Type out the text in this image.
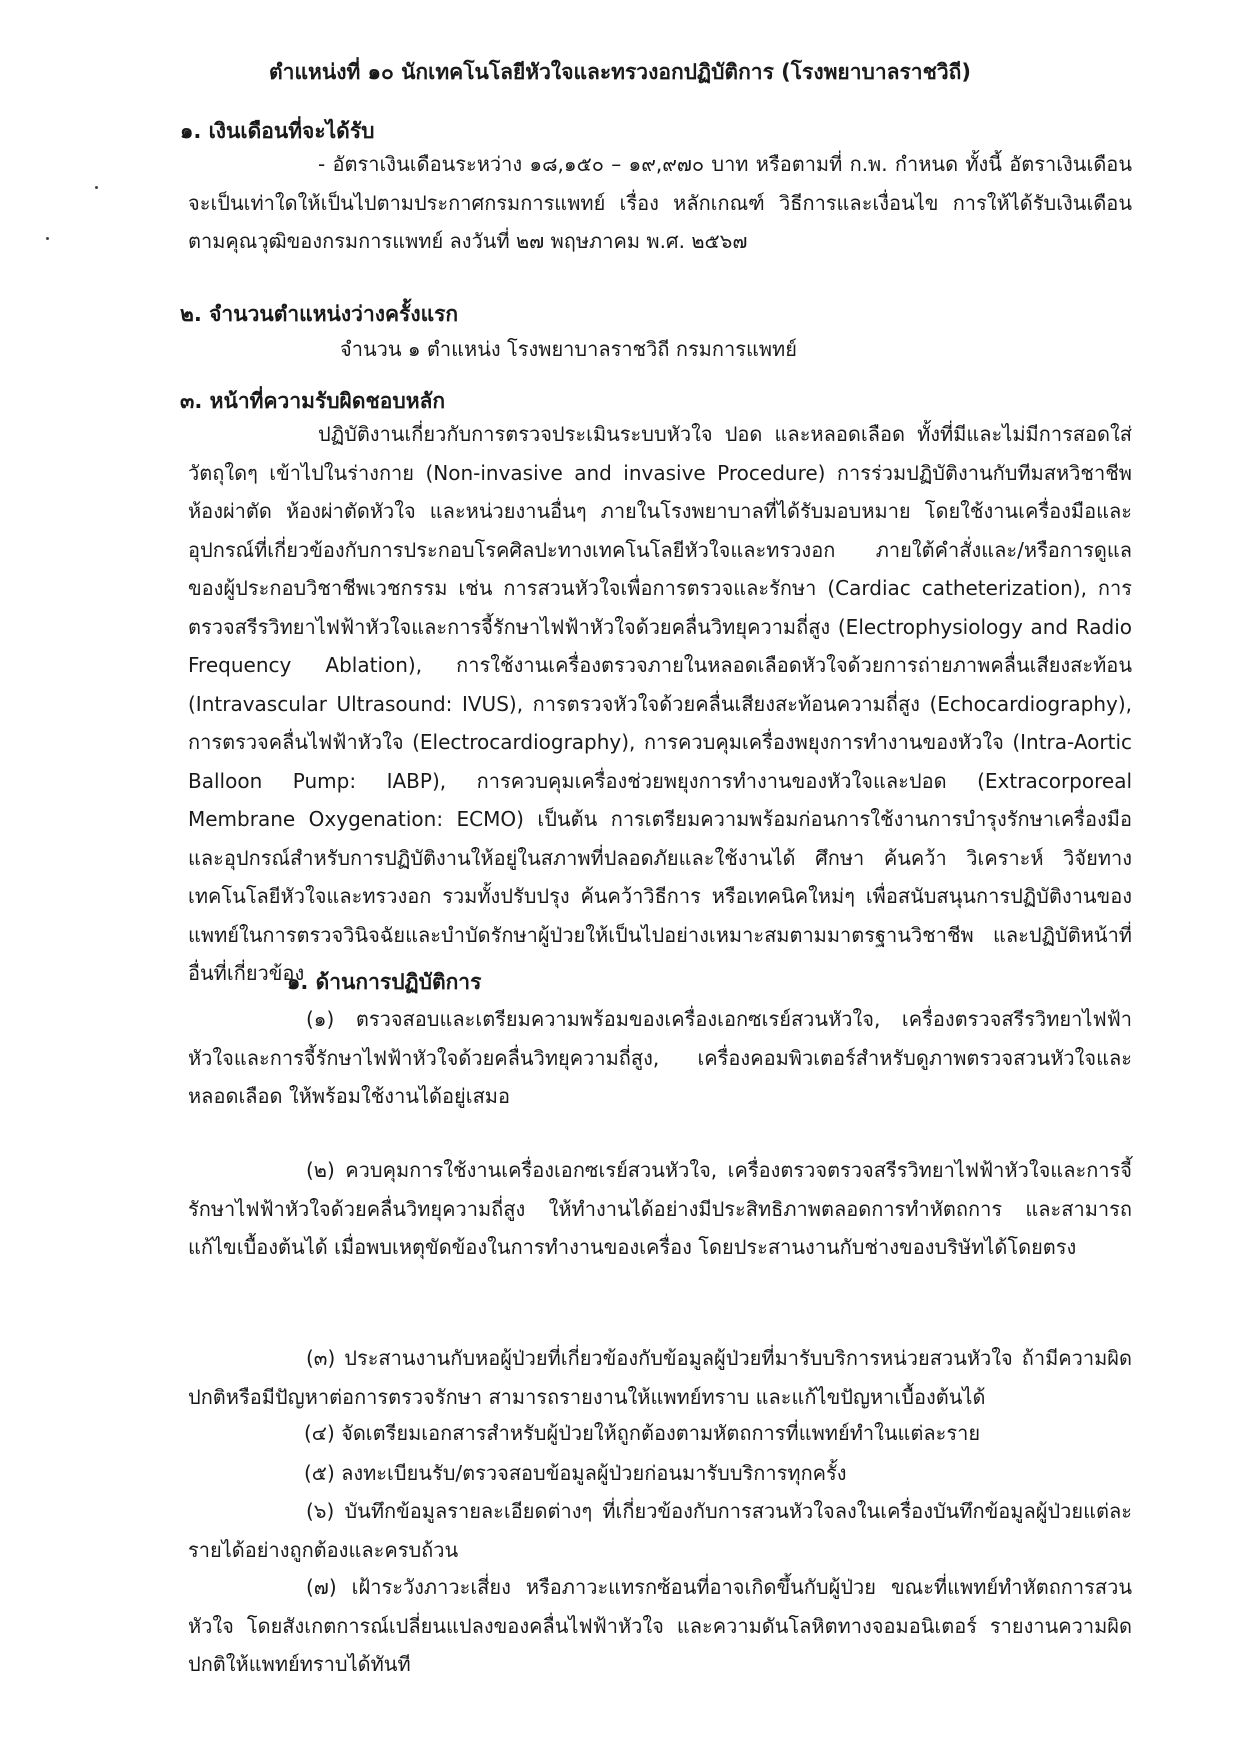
ตำแหน่งที่ ๑๐ นักเทคโนโลยีหัวใจและทรวงอกปฏิบัติการ (โรงพยาบาลราชวิถี)
๑. เงินเดือนที่จะได้รับ
- อัตราเงินเดือนระหว่าง ๑๘,๑๕๐ – ๑๙,๙๗๐ บาท หรือตามที่ ก.พ. กำหนด ทั้งนี้ อัตราเงินเดือน จะเป็นเท่าใดให้เป็นไปตามประกาศกรมการแพทย์ เรื่อง หลักเกณฑ์ วิธีการและเงื่อนไข การให้ได้รับเงินเดือนตามคุณวุฒิของกรมการแพทย์ ลงวันที่ ๒๗ พฤษภาคม พ.ศ. ๒๕๖๗
๒. จำนวนตำแหน่งว่างครั้งแรก
จำนวน ๑ ตำแหน่ง โรงพยาบาลราชวิถี กรมการแพทย์
๓. หน้าที่ความรับผิดชอบหลัก
ปฏิบัติงานเกี่ยวกับการตรวจประเมินระบบหัวใจ ปอด และหลอดเลือด ทั้งที่มีและไม่มีการสอดใส่วัตถุใดๆ เข้าไปในร่างกาย (Non-invasive and invasive Procedure) การร่วมปฏิบัติงานกับทีมสหวิชาชีพห้องผ่าตัด ห้องผ่าตัดหัวใจ และหน่วยงานอื่นๆ ภายในโรงพยาบาลที่ได้รับมอบหมาย โดยใช้งานเครื่องมือและอุปกรณ์ที่เกี่ยวข้องกับการประกอบโรคศิลปะทางเทคโนโลยีหัวใจและทรวงอก ภายใต้คำสั่งและ/หรือการดูแลของผู้ประกอบวิชาชีพเวชกรรม เช่น การสวนหัวใจเพื่อการตรวจและรักษา (Cardiac catheterization), การตรวจสรีรวิทยาไฟฟ้าหัวใจและการจี้รักษาไฟฟ้าหัวใจด้วยคลื่นวิทยุความถี่สูง (Electrophysiology and Radio Frequency Ablation), การใช้งานเครื่องตรวจภายในหลอดเลือดหัวใจด้วยการถ่ายภาพคลื่นเสียงสะท้อน (Intravascular Ultrasound: IVUS), การตรวจหัวใจด้วยคลื่นเสียงสะท้อนความถี่สูง (Echocardiography), การตรวจคลื่นไฟฟ้าหัวใจ (Electrocardiography), การควบคุมเครื่องพยุงการทำงานของหัวใจ (Intra-Aortic Balloon Pump: IABP), การควบคุมเครื่องช่วยพยุงการทำงานของหัวใจและปอด (Extracorporeal Membrane Oxygenation: ECMO) เป็นต้น การเตรียมความพร้อมก่อนการใช้งานการบำรุงรักษาเครื่องมือและอุปกรณ์สำหรับการปฏิบัติงานให้อยู่ในสภาพที่ปลอดภัยและใช้งานได้ ศึกษา ค้นคว้า วิเคราะห์ วิจัยทางเทคโนโลยีหัวใจและทรวงอก รวมทั้งปรับปรุง ค้นคว้าวิธีการ หรือเทคนิคใหม่ๆ เพื่อสนับสนุนการปฏิบัติงานของแพทย์ในการตรวจวินิจฉัยและบำบัดรักษาผู้ป่วยให้เป็นไปอย่างเหมาะสมตามมาตรฐานวิชาชีพ และปฏิบัติหน้าที่อื่นที่เกี่ยวข้อง
๑. ด้านการปฏิบัติการ
(๑) ตรวจสอบและเตรียมความพร้อมของเครื่องเอกซเรย์สวนหัวใจ, เครื่องตรวจสรีรวิทยาไฟฟ้าหัวใจและการจี้รักษาไฟฟ้าหัวใจด้วยคลื่นวิทยุความถี่สูง, เครื่องคอมพิวเตอร์สำหรับดูภาพตรวจสวนหัวใจและหลอดเลือด ให้พร้อมใช้งานได้อยู่เสมอ
(๒) ควบคุมการใช้งานเครื่องเอกซเรย์สวนหัวใจ, เครื่องตรวจตรวจสรีรวิทยาไฟฟ้าหัวใจและการจี้รักษาไฟฟ้าหัวใจด้วยคลื่นวิทยุความถี่สูง ให้ทำงานได้อย่างมีประสิทธิภาพตลอดการทำหัตถการ และสามารถแก้ไขเบื้องต้นได้ เมื่อพบเหตุขัดข้องในการทำงานของเครื่อง โดยประสานงานกับช่างของบริษัทได้โดยตรง
(๓) ประสานงานกับหอผู้ป่วยที่เกี่ยวข้องกับข้อมูลผู้ป่วยที่มารับบริการหน่วยสวนหัวใจ ถ้ามีความผิดปกติหรือมีปัญหาต่อการตรวจรักษา สามารถรายงานให้แพทย์ทราบ และแก้ไขปัญหาเบื้องต้นได้
(๔) จัดเตรียมเอกสารสำหรับผู้ป่วยให้ถูกต้องตามหัตถการที่แพทย์ทำในแต่ละราย
(๕) ลงทะเบียนรับ/ตรวจสอบข้อมูลผู้ป่วยก่อนมารับบริการทุกครั้ง
(๖) บันทึกข้อมูลรายละเอียดต่างๆ ที่เกี่ยวข้องกับการสวนหัวใจลงในเครื่องบันทึกข้อมูลผู้ป่วยแต่ละรายได้อย่างถูกต้องและครบถ้วน
(๗) เฝ้าระวังภาวะเสี่ยง หรือภาวะแทรกซ้อนที่อาจเกิดขึ้นกับผู้ป่วย ขณะที่แพทย์ทำหัตถการสวนหัวใจ โดยสังเกตการณ์เปลี่ยนแปลงของคลื่นไฟฟ้าหัวใจ และความดันโลหิตทางจอมอนิเตอร์ รายงานความผิดปกติให้แพทย์ทราบได้ทันที
